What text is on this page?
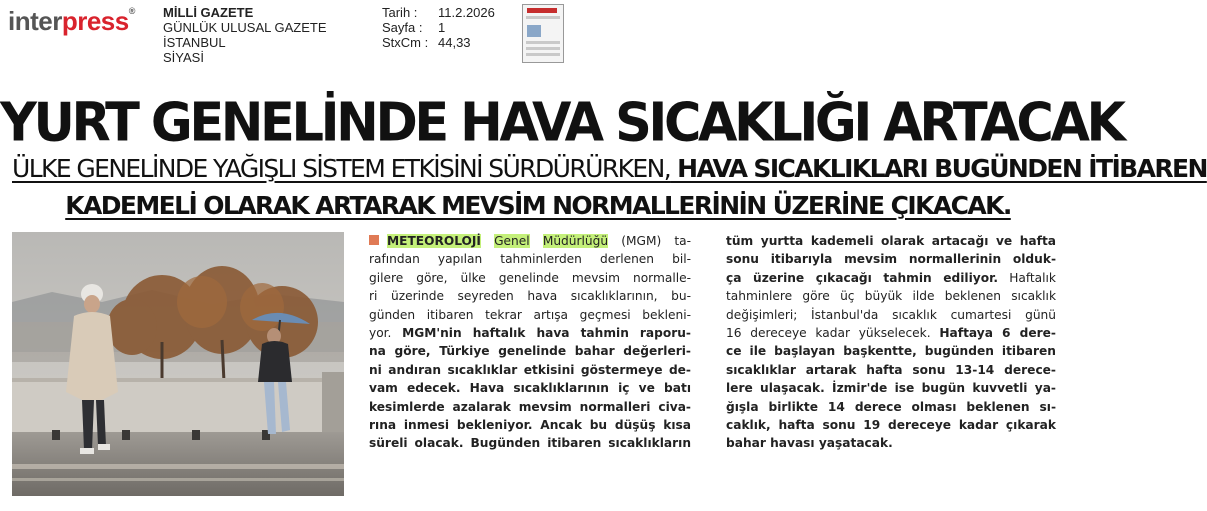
interpress® MİLLİ GAZETE
GÜNLÜK ULUSAL GAZETE
İSTANBUL
SİYASİ
Tarih :	11.2.2026
Sayfa :	1
StxCm : 44,33
YURT GENELİNDE HAVA SICAKLIĞI ARTACAK
ÜLKE GENELİNDE YAĞIŞLI SİSTEM ETKİSİNİ SÜRDÜRÜRKEN, HAVA SICAKLIKLARI BUGÜNDEN İTİBAREN
KADEMELİ OLARAK ARTARAK MEVSİM NORMALLERİNİN ÜZERİNE ÇIKACAK.
METEOROLOJİ Genel Müdürlüğü (MGM) ta-
rafından yapılan tahminlerden derlenen bil-
gilere göre, ülke genelinde mevsim normalle-
ri üzerinde seyreden hava sıcaklıklarının, bu-
günden itibaren tekrar artışa geçmesi bekleni-
yor. MGM'nin haftalık hava tahmin raporu-
na göre, Türkiye genelinde bahar değerleri-
ni andıran sıcaklıklar etkisini göstermeye de-
vam edecek. Hava sıcaklıklarının iç ve batı
kesimlerde azalarak mevsim normalleri civa-
rına inmesi bekleniyor. Ancak bu düşüş kısa
süreli olacak. Bugünden itibaren sıcaklıkların
tüm yurtta kademeli olarak artacağı ve hafta
sonu itibarıyla mevsim normallerinin olduk-
ça üzerine çıkacağı tahmin ediliyor. Haftalık
tahminlere göre üç büyük ilde beklenen sıcaklık
değişimleri; İstanbul'da sıcaklık cumartesi günü
16 dereceye kadar yükselecek. Haftaya 6 dere-
ce ile başlayan başkentte, bugünden itibaren
sıcaklıklar artarak hafta sonu 13-14 derece-
lere ulaşacak. İzmir'de ise bugün kuvvetli ya-
ğışla birlikte 14 derece olması beklenen sı-
caklık, hafta sonu 19 dereceye kadar çıkarak
bahar havası yaşatacak.
